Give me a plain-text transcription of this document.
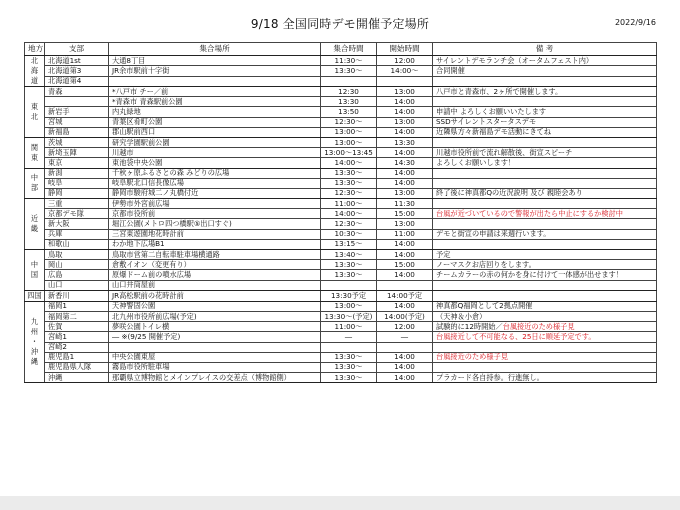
9/18 全国同時デモ開催予定場所	2022/9/16
地方	支部	集合場所	集合時間	開始時間	備 考

北
海
道	北海道1st	大通8丁目	11:30～	12:00	サイレントデモランチ会（オータムフェスト内）
	北海道第3	JR余市駅前十字街	13:30～	14:00～	合同開催
	北海道第4				

東
北	青森	*八戸市 チー／前	12:30	13:00	八戸市と青森市、2ヶ所で開催します。
		*青森市 青森駅前公園	13:30	14:00	
	新岩手	内丸緑地	13:50	14:00	申請中 よろしくお願いいたします
	宮城	青葉区肴町公園	12:30～	13:00	SSDサイレントスタータスデモ
	新福島	郡山駅前西口	13:00～	14:00	近隣県方々新福島デモ活動にきてね

関
東	茨城	研究学園駅前公園	13:00～	13:30	
	新埼玉陣	川越市	13:00～13:45	14:00	川越市役所前で流れ解散後、街宣スピーチ
	東京	東池袋中央公園	14:00～	14:30	よろしくお願いします！

中
部	新潟	千秋ヶ原ふるさとの森 みどりの広場	13:30～	14:00	
	岐阜	岐阜駅北口信長像広場	13:30～	14:00	
	静岡	静岡市駿府城二ノ丸橋付近	12:30～	13:00	終了後に神真都Qの近況説明 及び 親睦会あり

近
畿	三重	伊勢市外宮前広場	11:00～	11:30	
	京都デモ隊	京都市役所前	14:00～	15:00	台風が近づいているので警報が出たら中止にするか検討中
	新大阪	堀江公園(メトロ四つ橋駅⑤出口すぐ)	12:30～	13:00	
	兵庫	三宮東遊園地花時計前	10:30～	11:00	デモと街宣の申請は来週行います。
	和歌山	わか地下広場B1	13:15～	14:00	

中
国	鳥取	鳥取市営第二自転車駐車場横通路	13:40～	14:00	予定
	岡山	倉敷イオン（変更有り）	13:30～	15:00	ノーマスクお店回りをします。
	広島	原爆ドーム前の噴水広場	13:30～	14:00	チームカラーの赤の何かを身に付けて一体感が出せます！
	山口	山口井筒屋前			

四国	新香川	JR高松駅前の花時計前	13:30予定	14:00予定	

九
州
・
沖
縄	福岡1	天神警固公園	13:00～	14:00	神真都Q福岡として2拠点開催
	福岡第二	北九州市役所前広場(予定)	13:30～(予定)	14:00(予定)	（天神＆小倉）
	佐賀	夢咲公園トイレ横	11:00～	12:00	試験的に12時開始／台風接近のため様子見
	宮崎1	― ※(9/25 開催予定)	―	―	台風接近して不可能なる、25日に順延予定です。
	宮崎2				
	鹿児島1	中央公園東屋	13:30～	14:00	台風接近のため様子見
	鹿児島県人隊	霧島市役所駐車場	13:30～	14:00	
	沖縄	那覇県立博物館とメインプレイスの交差点（博物館側）	13:30～	14:00	プラカード各自持参。行進無し。
